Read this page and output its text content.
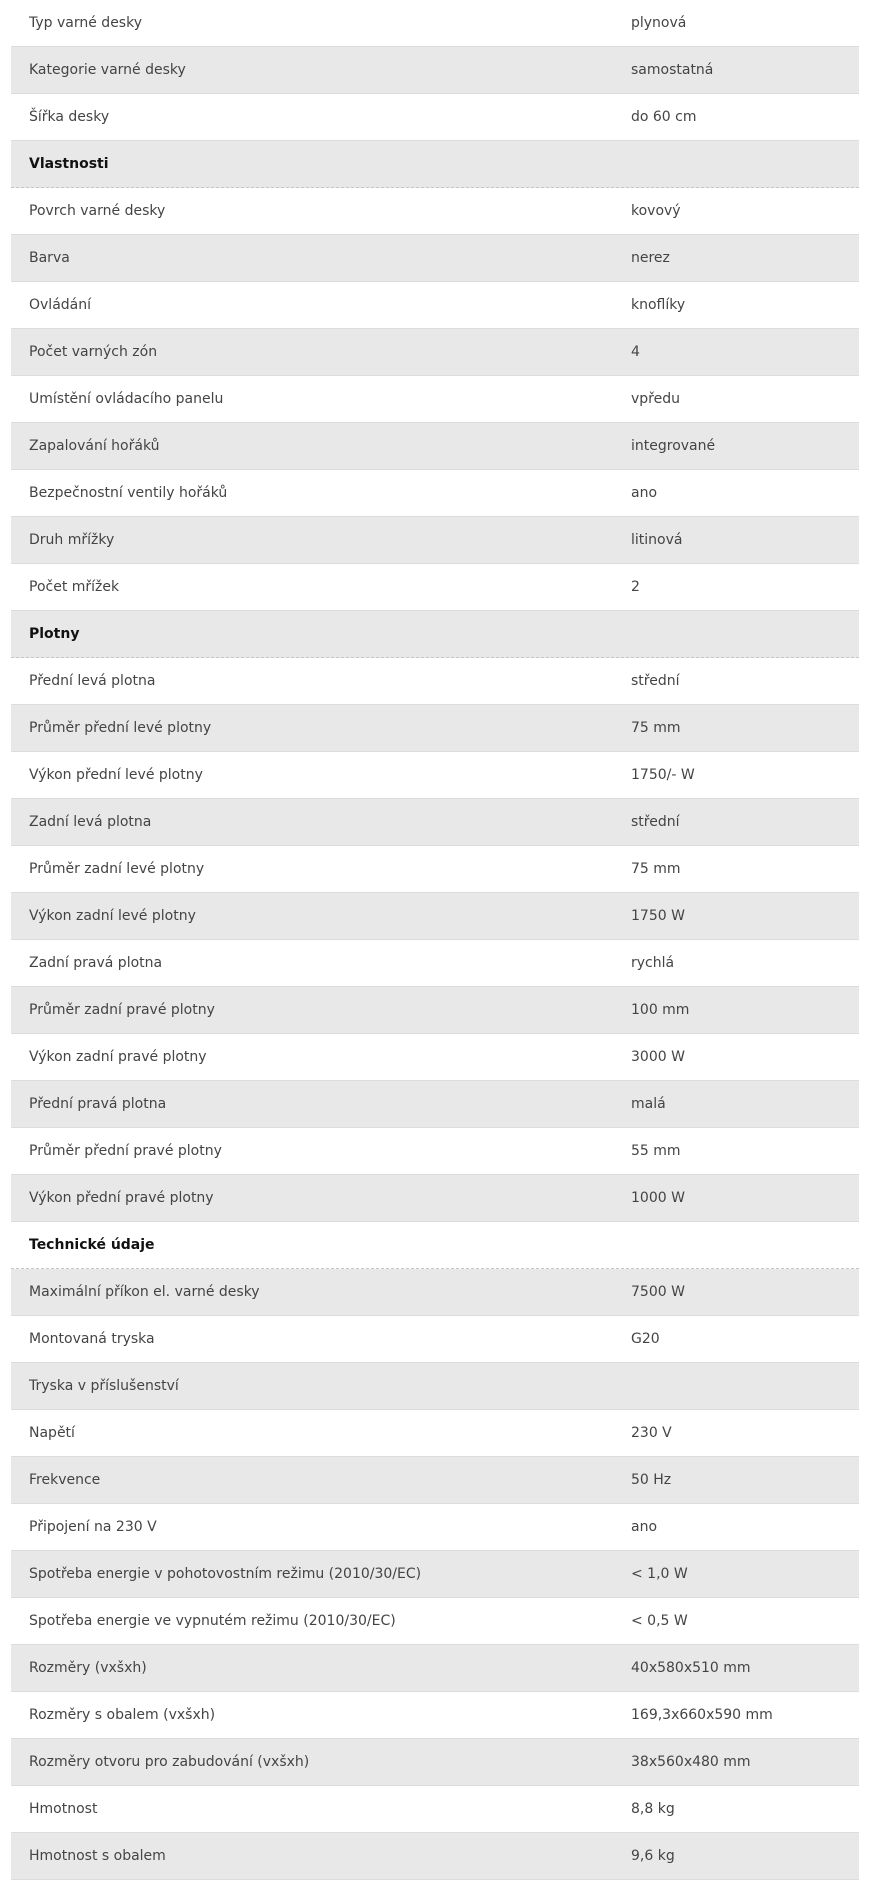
Typ varné desky	plynová
Kategorie varné desky	samostatná
Šířka desky	do 60 cm
Vlastnosti
Povrch varné desky	kovový
Barva	nerez
Ovládání	knoflíky
Počet varných zón	4
Umístění ovládacího panelu	vpředu
Zapalování hořáků	integrované
Bezpečnostní ventily hořáků	ano
Druh mřížky	litinová
Počet mřížek	2
Plotny
Přední levá plotna	střední
Průměr přední levé plotny	75 mm
Výkon přední levé plotny	1750/- W
Zadní levá plotna	střední
Průměr zadní levé plotny	75 mm
Výkon zadní levé plotny	1750 W
Zadní pravá plotna	rychlá
Průměr zadní pravé plotny	100 mm
Výkon zadní pravé plotny	3000 W
Přední pravá plotna	malá
Průměr přední pravé plotny	55 mm
Výkon přední pravé plotny	1000 W
Technické údaje
Maximální příkon el. varné desky	7500 W
Montovaná tryska	G20
Tryska v příslušenství
Napětí	230 V
Frekvence	50 Hz
Připojení na 230 V	ano
Spotřeba energie v pohotovostním režimu (2010/30/EC)	< 1,0 W
Spotřeba energie ve vypnutém režimu (2010/30/EC)	< 0,5 W
Rozměry (vxšxh)	40x580x510 mm
Rozměry s obalem (vxšxh)	169,3x660x590 mm
Rozměry otvoru pro zabudování (vxšxh)	38x560x480 mm
Hmotnost	8,8 kg
Hmotnost s obalem	9,6 kg
